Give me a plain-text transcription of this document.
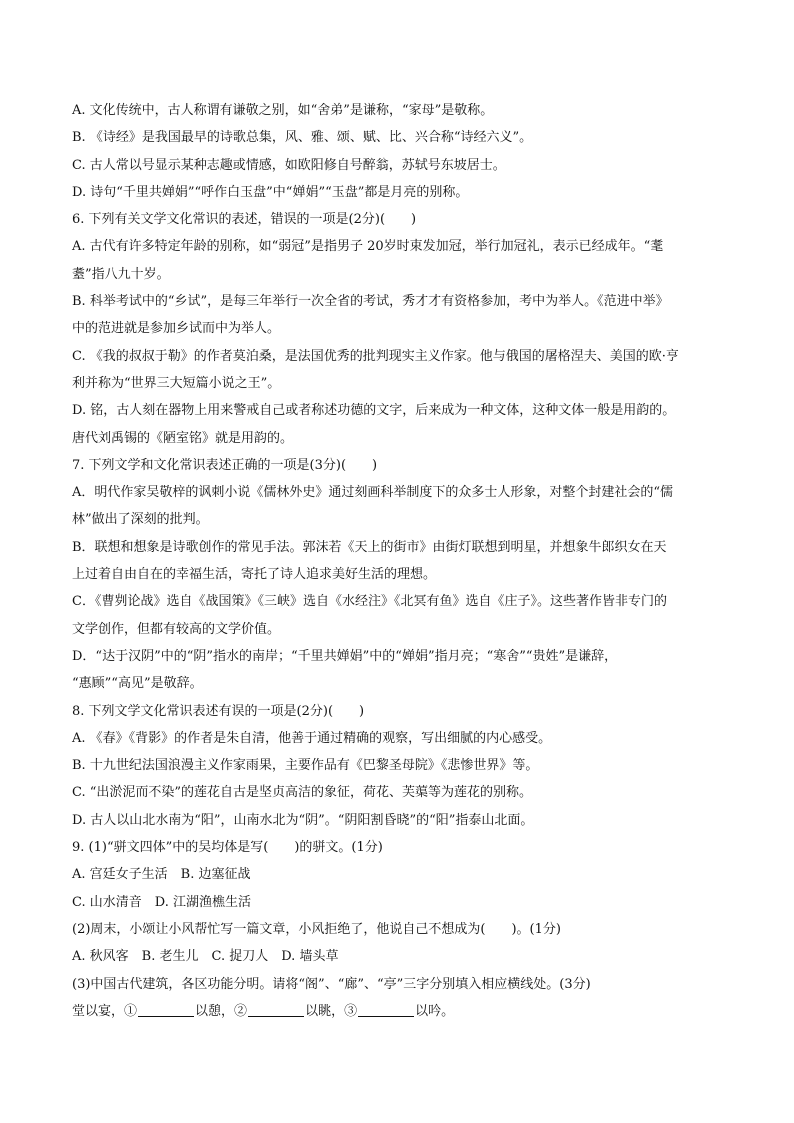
A. 文化传统中，古人称谓有谦敬之别，如“舍弟”是谦称，“家母”是敬称。
B. 《诗经》是我国最早的诗歌总集，风、雅、颂、赋、比、兴合称“诗经六义”。
C. 古人常以号显示某种志趣或情感，如欧阳修自号醉翁，苏轼号东坡居士。
D. 诗句“千里共婵娟”“呼作白玉盘”中“婵娟”“玉盘”都是月亮的别称。
6. 下列有关文学文化常识的表述，错误的一项是(2分)(　　)
A. 古代有许多特定年龄的别称，如“弱冠”是指男子 20岁时束发加冠，举行加冠礼，表示已经成年。“耄
耋”指八九十岁。
B. 科举考试中的“乡试”，是每三年举行一次全省的考试，秀才才有资格参加，考中为举人。《范进中举》
中的范进就是参加乡试而中为举人。
C. 《我的叔叔于勒》的作者莫泊桑，是法国优秀的批判现实主义作家。他与俄国的屠格涅夫、美国的欧·亨
利并称为“世界三大短篇小说之王”。
D. 铭，古人刻在器物上用来警戒自己或者称述功德的文字，后来成为一种文体，这种文体一般是用韵的。
唐代刘禹锡的《陋室铭》就是用韵的。
7. 下列文学和文化常识表述正确的一项是(3分)(　　)
A．明代作家吴敬梓的讽刺小说《儒林外史》通过刻画科举制度下的众多士人形象，对整个封建社会的“儒
林”做出了深刻的批判。
B．联想和想象是诗歌创作的常见手法。郭沫若《天上的街市》由街灯联想到明星，并想象牛郎织女在天
上过着自由自在的幸福生活，寄托了诗人追求美好生活的理想。
C．《曹刿论战》选自《战国策》《三峡》选自《水经注》《北冥有鱼》选自《庄子》。这些著作皆非专门的
文学创作，但都有较高的文学价值。
D．“达于汉阴”中的“阴”指水的南岸；“千里共婵娟”中的“婵娟”指月亮；“寒舍”“贵姓”是谦辞，
“惠顾”“高见”是敬辞。
8. 下列文学文化常识表述有误的一项是(2分)(　　)
A. 《春》《背影》的作者是朱自清，他善于通过精确的观察，写出细腻的内心感受。
B. 十九世纪法国浪漫主义作家雨果，主要作品有《巴黎圣母院》《悲惨世界》等。
C. “出淤泥而不染”的莲花自古是坚贞高洁的象征，荷花、芙蕖等为莲花的别称。
D. 古人以山北水南为“阳”，山南水北为“阴”。“阴阳割昏晓”的“阳”指泰山北面。
9. (1)“骈文四体”中的吴均体是写(　　)的骈文。(1分)
A. 宫廷女子生活　B. 边塞征战
C. 山水清音　D. 江湖渔樵生活
(2)周末，小颂让小风帮忙写一篇文章，小风拒绝了，他说自己不想成为(　　)。(1分)
A. 秋风客　B. 老生儿　C. 捉刀人　D. 墙头草
(3)中国古代建筑，各区功能分明。请将“阁”、“廊”、“亭”三字分别填入相应横线处。(3分)
堂以宴，①	以憩，②	以眺，③	以吟。
